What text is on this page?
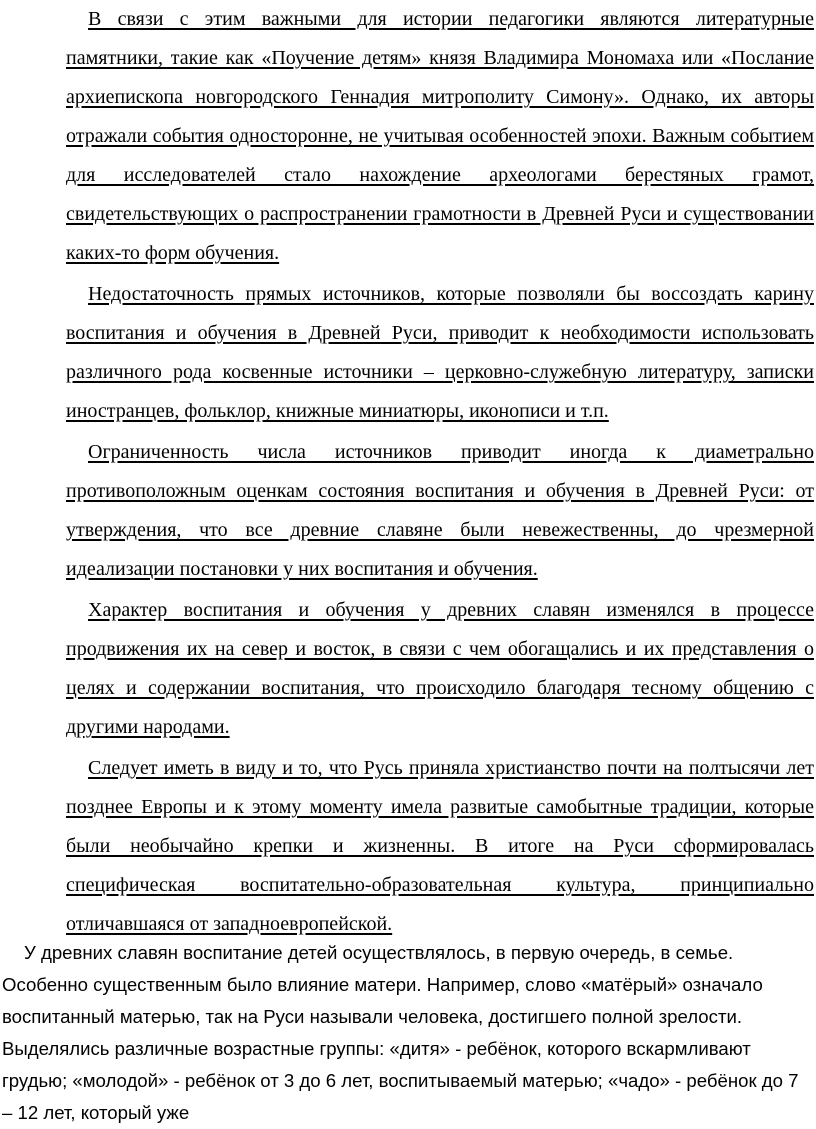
В связи с этим важными для истории педагогики являются литературные памятники, такие как «Поучение детям» князя Владимира Мономаха или «Послание архиепископа новгородского Геннадия митрополиту Симону». Однако, их авторы отражали события односторонне, не учитывая особенностей эпохи. Важным событием для исследователей стало нахождение археологами берестяных грамот, свидетельствующих о распространении грамотности в Древней Руси и существовании каких-то форм обучения.

Недостаточность прямых источников, которые позволяли бы воссоздать карину воспитания и обучения в Древней Руси, приводит к необходимости использовать различного рода косвенные источники – церковно-служебную литературу, записки иностранцев, фольклор, книжные миниатюры, иконописи и т.п.

Ограниченность числа источников приводит иногда к диаметрально противоположным оценкам состояния воспитания и обучения в Древней Руси: от утверждения, что все древние славяне были невежественны, до чрезмерной идеализации постановки у них воспитания и обучения.

Характер воспитания и обучения у древних славян изменялся в процессе продвижения их на север и восток, в связи с чем обогащались и их представления о целях и содержании воспитания, что происходило благодаря тесному общению с другими народами.

Следует иметь в виду и то, что Русь приняла христианство почти на полтысячи лет позднее Европы и к этому моменту имела развитые самобытные традиции, которые были необычайно крепки и жизненны. В итоге на Руси сформировалась специфическая воспитательно-образовательная культура, принципиально отличавшаяся от западноевропейской.

У древних славян воспитание детей осуществлялось, в первую очередь, в семье. Особенно существенным было влияние матери. Например, слово «матёрый» означало воспитанный матерью, так на Руси называли человека, достигшего полной зрелости. Выделялись различные возрастные группы: «дитя» - ребёнок, которого вскармливают грудью; «молодой» - ребёнок от 3 до 6 лет, воспитываемый матерью; «чадо» - ребёнок до 7 – 12 лет, который уже
